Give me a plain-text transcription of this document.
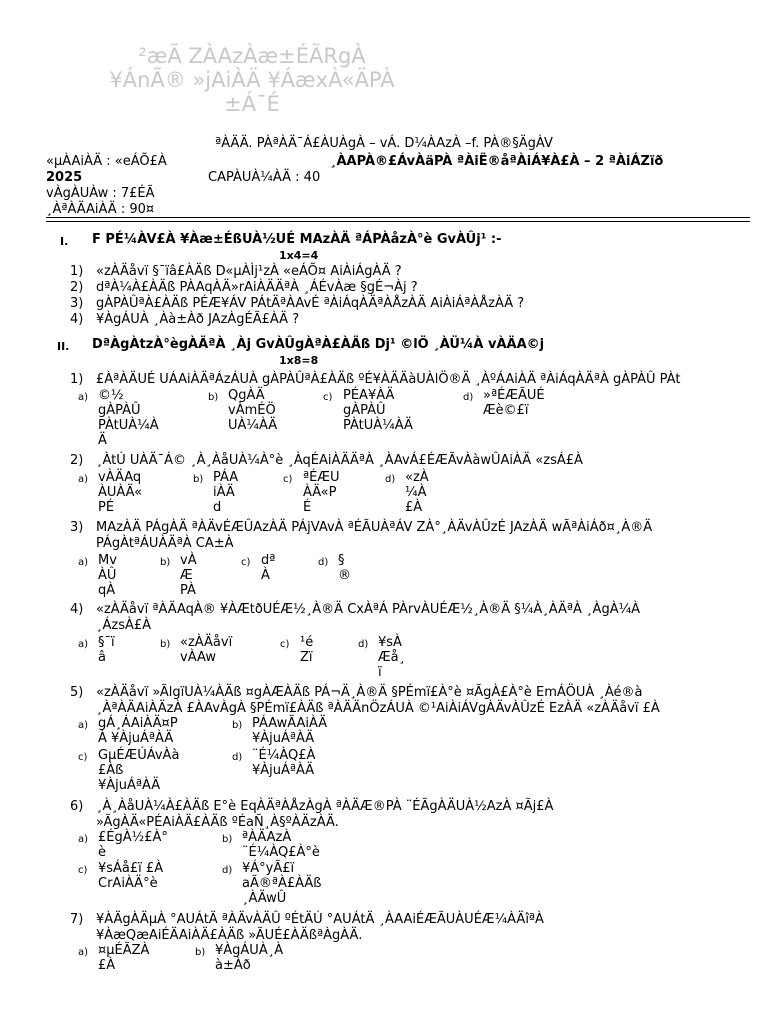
²æÃ ZÀAzÀæ±ÉÃRgÀ
¥ÁnÃ® »jAiÀÄ ¥ÁæxÀ«ÄPÀ
±Á¯É
ªÀÄÄ. PÀªÀÄ¯Á£ÀUÀgÀ – vÁ. D¼ÀAzÀ –f. PÀ®§ÄgÀV
«µÀAiÀÄ : «eÁÕ£À	¸ÀAPÀ®£ÁvÀäPÀ ªÀiË®åªÀiÁ¥À£À – 2 ªÀiÁZïð
2025	CAPÀUÀ¼ÀÄ : 40
vÀgÀUÀw : 7£ÉÃ
¸ÀªÀÄAiÀÄ : 90¤
I. F PÉ¼ÀV£À ¥Àæ±ÉßUÀ½UÉ MAzÀÄ ªÁPÀåzÀ°è GvÀÛj¹ :-
1x4=4
1) «zÀÄåvï §¯ïâ£ÀÄß D«µÀÌj¹zÀ «eÁÕ¤ AiÀiÁgÀÄ ?
2) dªÀ¼À£ÀÄß PÀAqÀÄ»rAiÀÄÄªÀ ¸ÁÉvÀæ §gÉ¬Àj ?
3) gÀPÀÛªÀ£ÀÄß PÉÆ¥ÁV PÁtÄªÀAvÉ ªÀiÁqÀÄªÀÅzÀÄ AiÀiÁªÀÅzÀÄ ?
4) ¥ÀgÁUÀ ¸Àà±Àð JAzÀgÉÃ£ÀÄ ?
II. DªÀgÀtzÀ°ègÀÄªÀ ¸Àj GvÀÛgÀªÀ£ÀÄß Dj¹ ©lÖ ¸ÀÜ¼À vÀÄA©j
1x8=8
1) £ÀªÀÄUÉ UÁAiÀÄªÁzÁUÀ gÀPÀÛªÀ£ÀÄß ºÉ¥ÀÄÄàUÀlÖ®Ä ¸ÀºÁAiÀÄ ªÀiÁqÀÄªÀ gÀPÀÛ PÀt
a) ©½
gÀPÀÛ
PÀtUÀ¼À
Ä
b) QgÀÄ
vÀmÉÖ
UÀ¼ÀÄ
c) PÉA¥ÀÄ
gÀPÀÛ
PÀtUÀ¼ÀÄ
d) »ªÉÆÃUÉ
Æè©£ï
2) ¸ÀtÚ UÀÄ¯Á© ¸À¸ÀåUÀ¼À°è ¸ÀqÉAiÀÄÄªÀ ¸ÀAvÁ£ÉÆÃvÀàwÛAiÀÄ «zsÁ£À
a) vÀÄAq
ÀUÀÄ«
PÉ
b) PÁA
iÀÄ
d
c) ªÉÆU
ÀÄ«P
É
d) «zÀ
¼À
£À
3) MAzÀÄ PÁgÀÄ ªÀÄvÉÆÛAzÀÄ PÁjVAvÀ ªÉÃUÀªÁV ZÀ°¸ÀÄvÀÛzÉ JAzÀÄ wÃªÀiÁð¤¸À®Ä
PÁgÀtªÁUÀÄªÀ CA±À
a) Mv
ÀÛ
qÀ
b) vÀ
Æ
PÀ
c) dª
À
d) §
®
4) «zÀÄåvï ªÀÄAqÀ® ¥ÀÆtðUÉÆ½¸À®Ä CxÀªÁ PÀrvÀUÉÆ½¸À®Ä §¼À¸ÀÄªÀ ¸ÀgÀ¼À
¸ÁzsÀ£À
a) §¯ï
â
b) «zÀÄåvï
vÀAw
c) ¹é
Zï
d) ¥sÀ
Æå¸
ï
5) «zÀÄåvï »ÃlgïUÀ¼ÀÄß ¤gÀÆÀÄß PÁ¬Ä¸À®Ä §PÉmï£À°è ¤ÃgÀ£À°è EmÁÖUÀ ¸Àé®à
¸ÀªÀÄAiÀÄzÀ £ÀAvÀgÀ §PÉmï£ÀÄß ªÀÄÄnÖzÁUÀ ©¹AiÀiÁVgÀÄvÀÛzÉ EzÀÄ «zÀÄåvï £À
a) gÁ¸ÁAiÀÄ¤P
À ¥ÀjuÁªÀÄ
b) PÁAwÃAiÀÄ
¥ÀjuÁªÀÄ
c) GµÉÆÚÁvÀà
£Àß
¥ÀjuÁªÀÄ
d) ¨É¼ÀQ£À
¥ÀjuÁªÀÄ
6) ¸À¸ÀåUÀ¼À£ÀÄß E°è EqÀÄªÀÅzÀgÀ ªÀÄÆ®PÀ ¨ÉÃgÀÄUÀ½AzÀ ¤Ãj£À
»ÃgÀÄ«PÉAiÀÄ£ÀÄß ºÉaÑ¸À§ºÀÄzÀÄ.
a) £ÉgÀ½£À°
è
b) ªÀÄAzÀ
¨É¼ÀQ£À°è
c) ¥sÁå£ï £À
CrAiÀÄ°è
d) ¥Á°yÃ£ï
aÃ®ªÀ£ÀÄß
¸ÀÄwÛ
7) ¥ÀÄgÀÄµÀ °AUÁtÄ ªÀÄvÀÄÛ ºÉtÄÚ °AUÁtÄ ¸ÀAAiÉÆÃUÀUÉÆ¼ÀÄîªÀ
¥ÀæQæAiÉÄAiÀÄ£ÀÄß »ÃUÉ£ÀÄßªÀgÀÄ.
a) ¤µÉÃZÀ
£À
b) ¥ÀgÁUÀ¸À
à±Àð
